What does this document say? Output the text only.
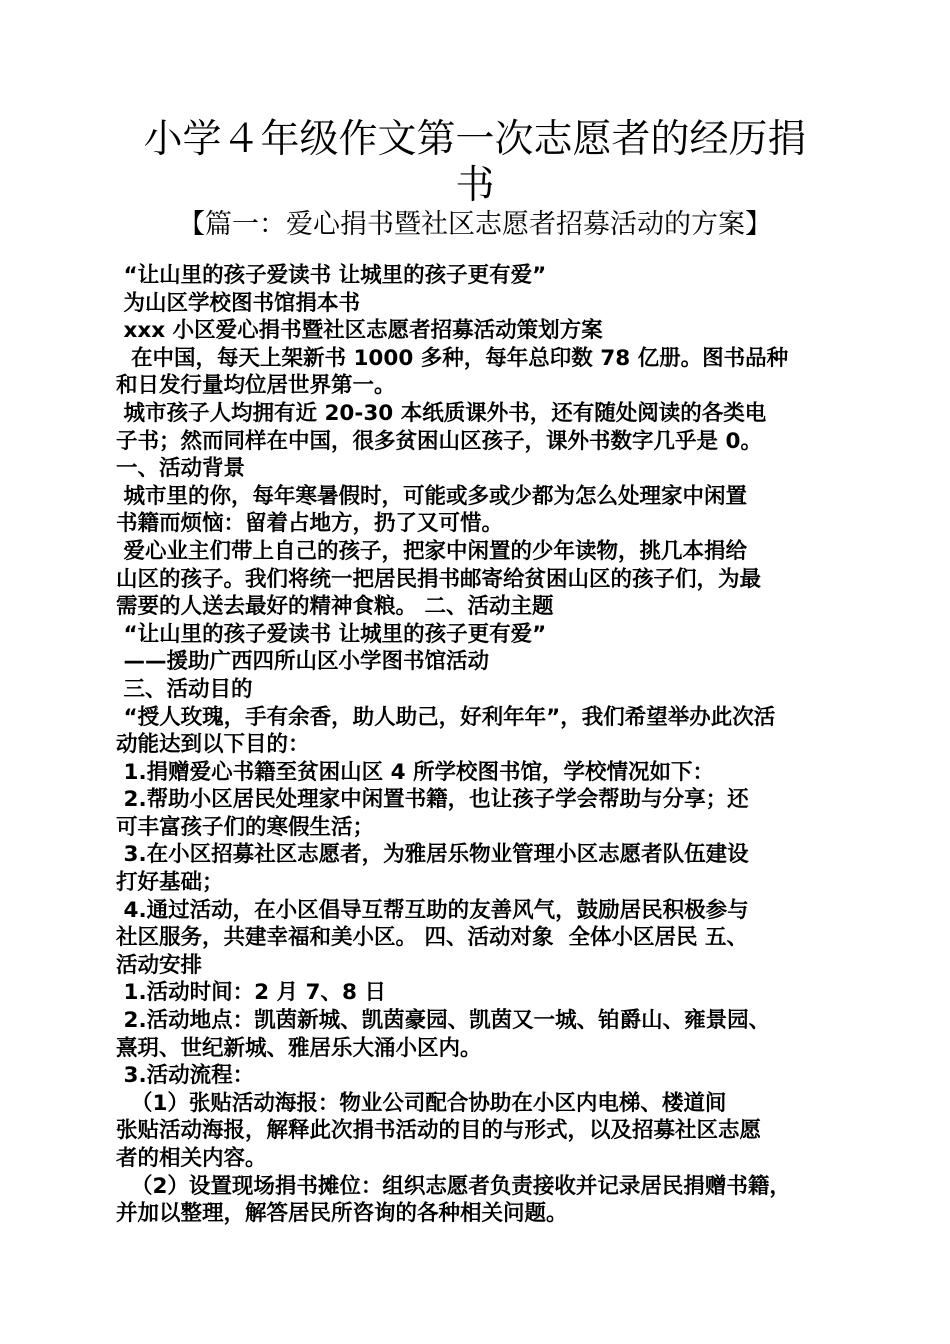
小学４年级作文第一次志愿者的经历捐
书
【篇一：爱心捐书暨社区志愿者招募活动的方案】
“让山里的孩子爱读书 让城里的孩子更有爱”
为山区学校图书馆捐本书
xxx 小区爱心捐书暨社区志愿者招募活动策划方案
在中国，每天上架新书 1000 多种，每年总印数 78 亿册。图书品种
和日发行量均位居世界第一。
城市孩子人均拥有近 20-30 本纸质课外书，还有随处阅读的各类电
子书；然而同样在中国，很多贫困山区孩子，课外书数字几乎是 0。
一、活动背景
城市里的你，每年寒暑假时，可能或多或少都为怎么处理家中闲置
书籍而烦恼：留着占地方，扔了又可惜。
爱心业主们带上自己的孩子，把家中闲置的少年读物，挑几本捐给
山区的孩子。我们将统一把居民捐书邮寄给贫困山区的孩子们，为最
需要的人送去最好的精神食粮。 二、活动主题
“让山里的孩子爱读书 让城里的孩子更有爱”
——援助广西四所山区小学图书馆活动
三、活动目的
“授人玫瑰，手有余香，助人助己，好利年年”，我们希望举办此次活
动能达到以下目的：
1.捐赠爱心书籍至贫困山区 4 所学校图书馆，学校情况如下：
2.帮助小区居民处理家中闲置书籍，也让孩子学会帮助与分享；还
可丰富孩子们的寒假生活；
3.在小区招募社区志愿者，为雅居乐物业管理小区志愿者队伍建设
打好基础；
4.通过活动，在小区倡导互帮互助的友善风气，鼓励居民积极参与
社区服务，共建幸福和美小区。 四、活动对象  全体小区居民 五、
活动安排
1.活动时间：2 月 7、8 日
2.活动地点：凯茵新城、凯茵豪园、凯茵又一城、铂爵山、雍景园、
熹玥、世纪新城、雅居乐大涌小区内。
3.活动流程：
（1）张贴活动海报：物业公司配合协助在小区内电梯、楼道间
张贴活动海报，解释此次捐书活动的目的与形式，以及招募社区志愿
者的相关内容。
（2）设置现场捐书摊位：组织志愿者负责接收并记录居民捐赠书籍，
并加以整理，解答居民所咨询的各种相关问题。
